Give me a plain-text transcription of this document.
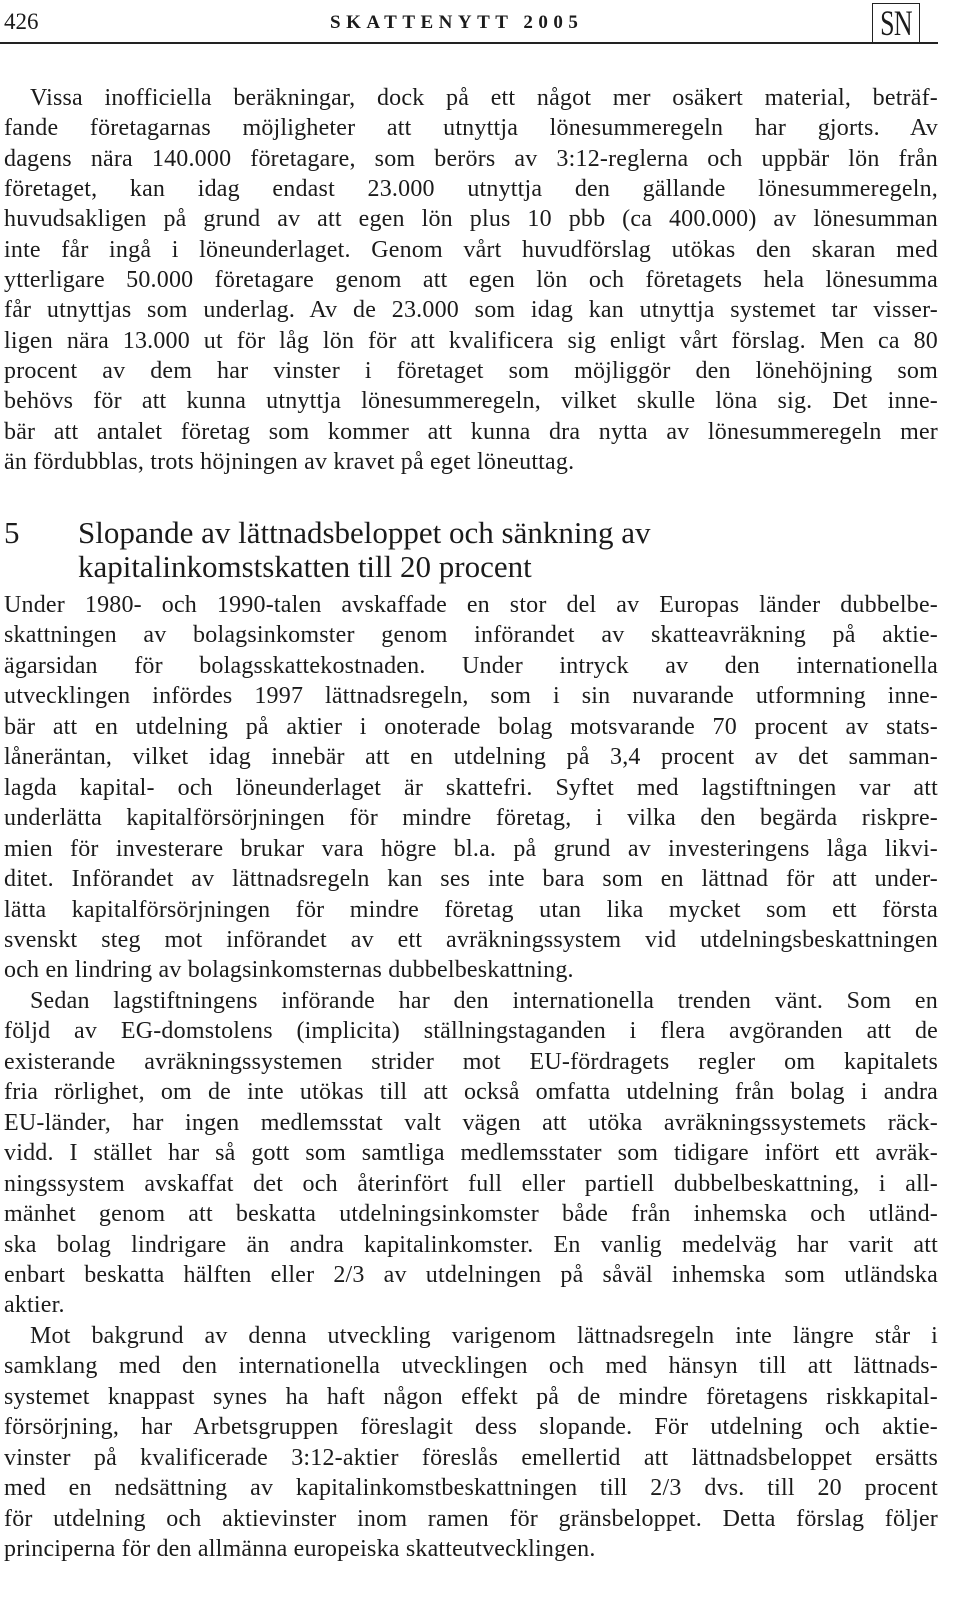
426	SKATTENYTT 2005	SN
Vissa inofficiella beräkningar, dock på ett något mer osäkert material, beträf-
fande företagarnas möjligheter att utnyttja lönesummeregeln har gjorts. Av
dagens nära 140.000 företagare, som berörs av 3:12-reglerna och uppbär lön från
företaget, kan idag endast 23.000 utnyttja den gällande lönesummeregeln,
huvudsakligen på grund av att egen lön plus 10 pbb (ca 400.000) av lönesumman
inte får ingå i löneunderlaget. Genom vårt huvudförslag utökas den skaran med
ytterligare 50.000 företagare genom att egen lön och företagets hela lönesumma
får utnyttjas som underlag. Av de 23.000 som idag kan utnyttja systemet tar visser-
ligen nära 13.000 ut för låg lön för att kvalificera sig enligt vårt förslag. Men ca 80
procent av dem har vinster i företaget som möjliggör den lönehöjning som
behövs för att kunna utnyttja lönesummeregeln, vilket skulle löna sig. Det inne-
bär att antalet företag som kommer att kunna dra nytta av lönesummeregeln mer
än fördubblas, trots höjningen av kravet på eget löneuttag.
5 Slopande av lättnadsbeloppet och sänkning av
kapitalinkomstskatten till 20 procent
Under 1980- och 1990-talen avskaffade en stor del av Europas länder dubbelbe-
skattningen av bolagsinkomster genom införandet av skatteavräkning på aktie-
ägarsidan för bolagsskattekostnaden. Under intryck av den internationella
utvecklingen infördes 1997 lättnadsregeln, som i sin nuvarande utformning inne-
bär att en utdelning på aktier i onoterade bolag motsvarande 70 procent av stats-
låneräntan, vilket idag innebär att en utdelning på 3,4 procent av det samman-
lagda kapital- och löneunderlaget är skattefri. Syftet med lagstiftningen var att
underlätta kapitalförsörjningen för mindre företag, i vilka den begärda riskpre-
mien för investerare brukar vara högre bl.a. på grund av investeringens låga likvi-
ditet. Införandet av lättnadsregeln kan ses inte bara som en lättnad för att under-
lätta kapitalförsörjningen för mindre företag utan lika mycket som ett första
svenskt steg mot införandet av ett avräkningssystem vid utdelningsbeskattningen
och en lindring av bolagsinkomsternas dubbelbeskattning.
Sedan lagstiftningens införande har den internationella trenden vänt. Som en
följd av EG-domstolens (implicita) ställningstaganden i flera avgöranden att de
existerande avräkningssystemen strider mot EU-fördragets regler om kapitalets
fria rörlighet, om de inte utökas till att också omfatta utdelning från bolag i andra
EU-länder, har ingen medlemsstat valt vägen att utöka avräkningssystemets räck-
vidd. I stället har så gott som samtliga medlemsstater som tidigare infört ett avräk-
ningssystem avskaffat det och återinfört full eller partiell dubbelbeskattning, i all-
mänhet genom att beskatta utdelningsinkomster både från inhemska och utländ-
ska bolag lindrigare än andra kapitalinkomster. En vanlig medelväg har varit att
enbart beskatta hälften eller 2/3 av utdelningen på såväl inhemska som utländska
aktier.
Mot bakgrund av denna utveckling varigenom lättnadsregeln inte längre står i
samklang med den internationella utvecklingen och med hänsyn till att lättnads-
systemet knappast synes ha haft någon effekt på de mindre företagens riskkapital-
försörjning, har Arbetsgruppen föreslagit dess slopande. För utdelning och aktie-
vinster på kvalificerade 3:12-aktier föreslås emellertid att lättnadsbeloppet ersätts
med en nedsättning av kapitalinkomstbeskattningen till 2/3 dvs. till 20 procent
för utdelning och aktievinster inom ramen för gränsbeloppet. Detta förslag följer
principerna för den allmänna europeiska skatteutvecklingen.
